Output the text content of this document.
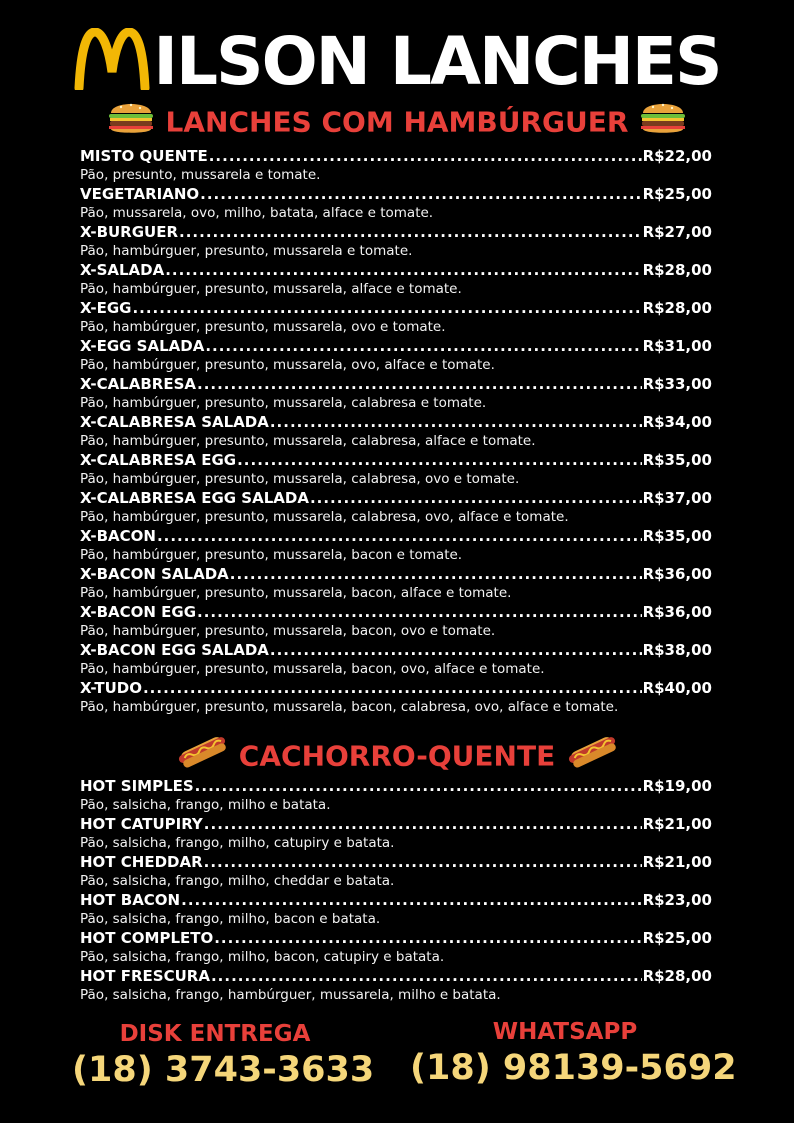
ILSON LANCHES
LANCHES COM HAMBÚRGUER
MISTO QUENTE .....	R$22,00
Pão, presunto, mussarela e tomate.
VEGETARIANO .....	R$25,00
Pão, mussarela, ovo, milho, batata, alface e tomate.
X-BURGUER .....	R$27,00
Pão, hambúrguer, presunto, mussarela e tomate.
X-SALADA .....	R$28,00
Pão, hambúrguer, presunto, mussarela, alface e tomate.
X-EGG .....	R$28,00
Pão, hambúrguer, presunto, mussarela, ovo e tomate.
X-EGG SALADA .....	R$31,00
Pão, hambúrguer, presunto, mussarela, ovo, alface e tomate.
X-CALABRESA .....	R$33,00
Pão, hambúrguer, presunto, mussarela, calabresa e tomate.
X-CALABRESA SALADA .....	R$34,00
Pão, hambúrguer, presunto, mussarela, calabresa, alface e tomate.
X-CALABRESA EGG .....	R$35,00
Pão, hambúrguer, presunto, mussarela, calabresa, ovo e tomate.
X-CALABRESA EGG SALADA .....	R$37,00
Pão, hambúrguer, presunto, mussarela, calabresa, ovo, alface e tomate.
X-BACON .....	R$35,00
Pão, hambúrguer, presunto, mussarela, bacon e tomate.
X-BACON SALADA .....	R$36,00
Pão, hambúrguer, presunto, mussarela, bacon, alface e tomate.
X-BACON EGG .....	R$36,00
Pão, hambúrguer, presunto, mussarela, bacon, ovo e tomate.
X-BACON EGG SALADA .....	R$38,00
Pão, hambúrguer, presunto, mussarela, bacon, ovo, alface e tomate.
X-TUDO .....	R$40,00
Pão, hambúrguer, presunto, mussarela, bacon, calabresa, ovo, alface e tomate.
CACHORRO-QUENTE
HOT SIMPLES .....	R$19,00
Pão, salsicha, frango, milho e batata.
HOT CATUPIRY .....	R$21,00
Pão, salsicha, frango, milho, catupiry e batata.
HOT CHEDDAR .....	R$21,00
Pão, salsicha, frango, milho, cheddar e batata.
HOT BACON .....	R$23,00
Pão, salsicha, frango, milho, bacon e batata.
HOT COMPLETO .....	R$25,00
Pão, salsicha, frango, milho, bacon, catupiry e batata.
HOT FRESCURA .....	R$28,00
Pão, salsicha, frango, hambúrguer, mussarela, milho e batata.
DISK ENTREGA
(18) 3743-3633
WHATSAPP
(18) 98139-5692
